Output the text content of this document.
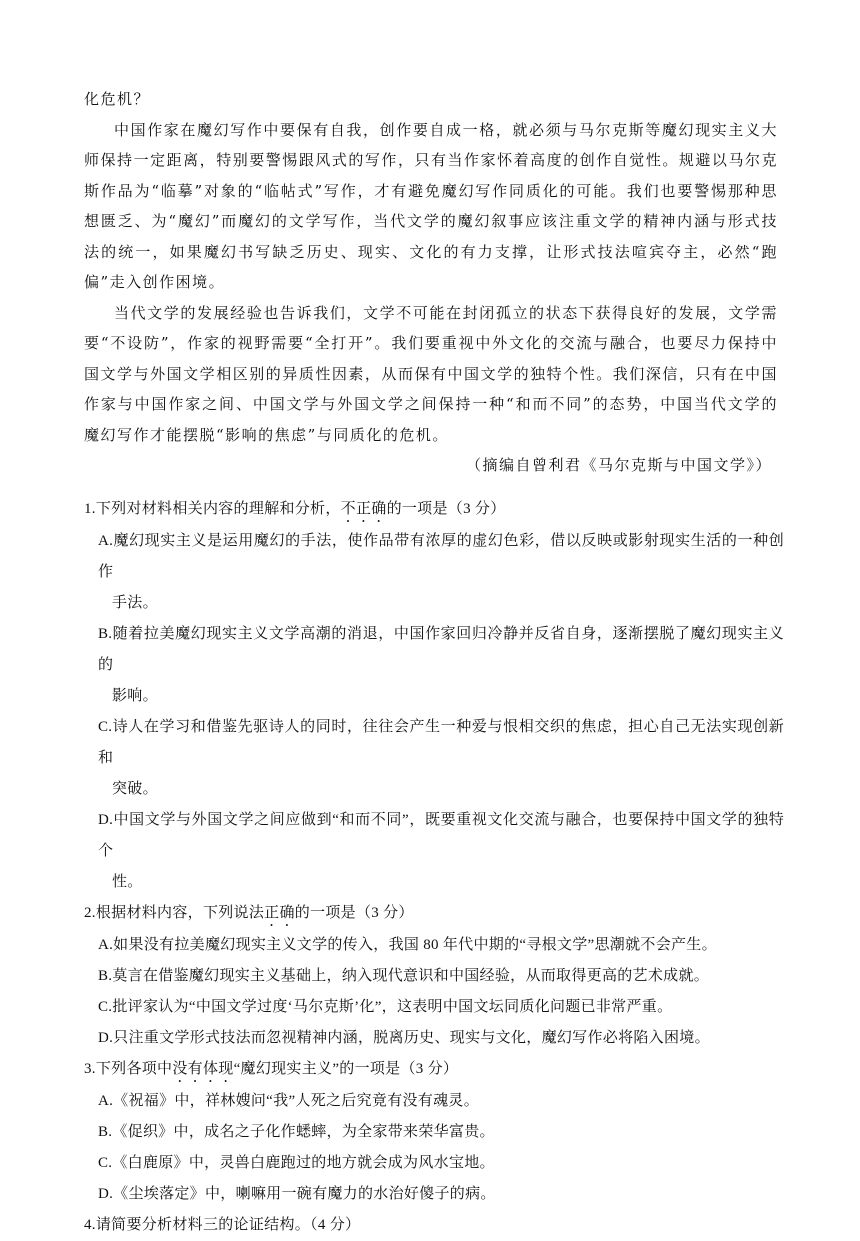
化危机？

中国作家在魔幻写作中要保有自我，创作要自成一格，就必须与马尔克斯等魔幻现实主义大师保持一定距离，特别要警惕跟风式的写作，只有当作家怀着高度的创作自觉性。规避以马尔克斯作品为“临摹”对象的“临帖式”写作，才有避免魔幻写作同质化的可能。我们也要警惕那种思想匮乏、为“魔幻”而魔幻的文学写作，当代文学的魔幻叙事应该注重文学的精神内涵与形式技法的统一，如果魔幻书写缺乏历史、现实、文化的有力支撑，让形式技法喧宾夺主，必然“跑偏”走入创作困境。

当代文学的发展经验也告诉我们，文学不可能在封闭孤立的状态下获得良好的发展，文学需要“不设防”，作家的视野需要“全打开”。我们要重视中外文化的交流与融合，也要尽力保持中国文学与外国文学相区别的异质性因素，从而保有中国文学的独特个性。我们深信，只有在中国作家与中国作家之间、中国文学与外国文学之间保持一种“和而不同”的态势，中国当代文学的魔幻写作才能摆脱“影响的焦虑”与同质化的危机。

（摘编自曾利君《马尔克斯与中国文学》）

1.下列对材料相关内容的理解和分析，不正确的一项是（3 分）

A.魔幻现实主义是运用魔幻的手法，使作品带有浓厚的虚幻色彩，借以反映或影射现实生活的一种创作
手法。

B.随着拉美魔幻现实主义文学高潮的消退，中国作家回归冷静并反省自身，逐渐摆脱了魔幻现实主义的
影响。

C.诗人在学习和借鉴先驱诗人的同时，往往会产生一种爱与恨相交织的焦虑，担心自己无法实现创新和
突破。

D.中国文学与外国文学之间应做到“和而不同”，既要重视文化交流与融合，也要保持中国文学的独特个
性。

2.根据材料内容，下列说法正确的一项是（3 分）

A.如果没有拉美魔幻现实主义文学的传入，我国 80 年代中期的“寻根文学”思潮就不会产生。

B.莫言在借鉴魔幻现实主义基础上，纳入现代意识和中国经验，从而取得更高的艺术成就。

C.批评家认为“中国文学过度‘马尔克斯’化”，这表明中国文坛同质化问题已非常严重。

D.只注重文学形式技法而忽视精神内涵，脱离历史、现实与文化，魔幻写作必将陷入困境。

3.下列各项中没有体现“魔幻现实主义”的一项是（3 分）

A.《祝福》中，祥林嫂问“我”人死之后究竟有没有魂灵。

B.《促织》中，成名之子化作蟋蟀，为全家带来荣华富贵。

C.《白鹿原》中，灵兽白鹿跑过的地方就会成为风水宝地。

D.《尘埃落定》中，喇嘛用一碗有魔力的水治好傻子的病。

4.请简要分析材料三的论证结构。（4 分）
